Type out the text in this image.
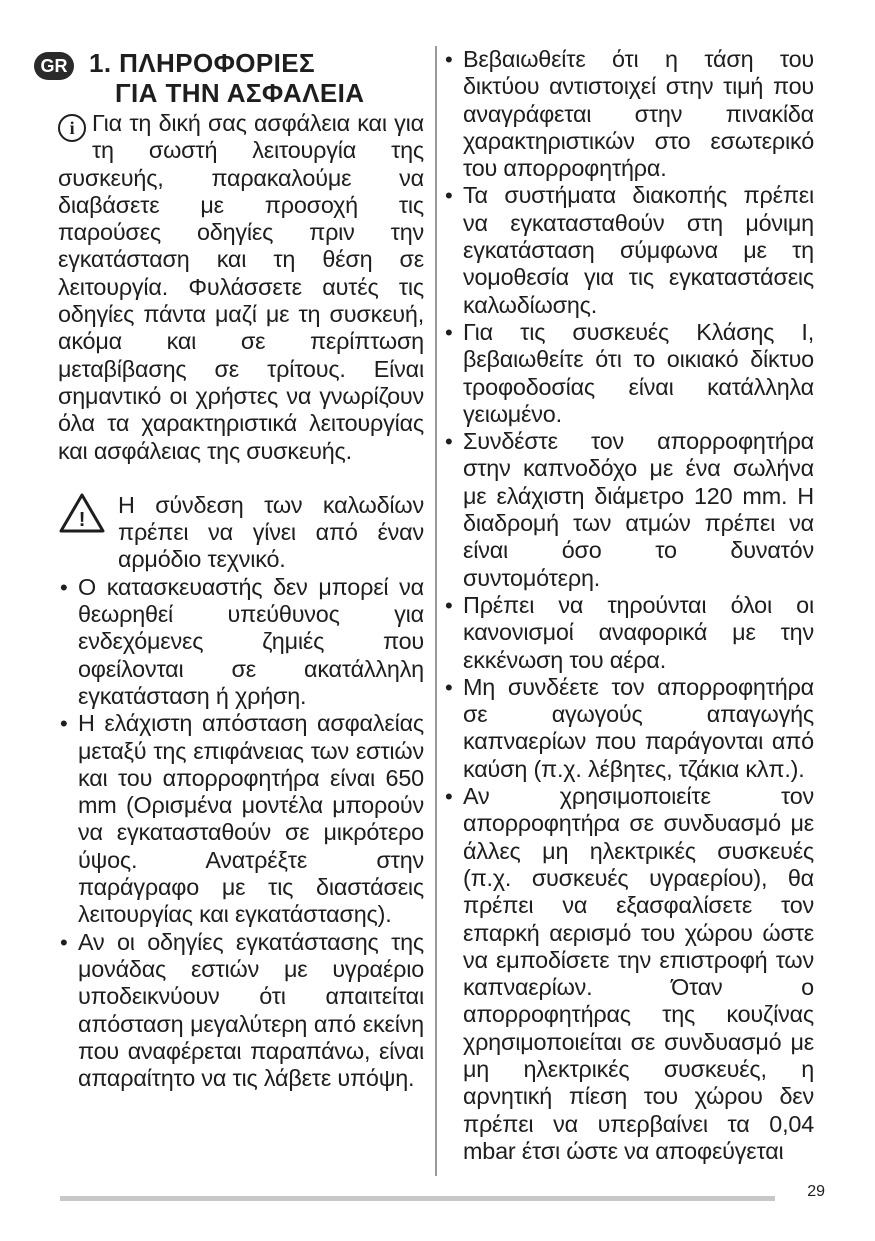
GR 1. ΠΛΗΡΟΦΟΡΙΕΣ
ΓΙΑ ΤΗΝ ΑΣΦΑΛΕΙΑ
i Για τη δική σας ασφάλεια και για τη σωστή λειτουργία της συσκευής, παρακαλούμε να διαβάσετε με προσοχή τις παρούσες οδηγίες πριν την εγκατάσταση και τη θέση σε λειτουργία. Φυλάσσετε αυτές τις οδηγίες πάντα μαζί με τη συσκευή, ακόμα και σε περίπτωση μεταβίβασης σε τρίτους. Είναι σημαντικό οι χρήστες να γνωρίζουν όλα τα χαρακτηριστικά λειτουργίας και ασφάλειας της συσκευής.
!
Η σύνδεση των καλωδίων πρέπει να γίνει από έναν αρμόδιο τεχνικό.
• Ο κατασκευαστής δεν μπορεί να θεωρηθεί υπεύθυνος για ενδεχόμενες ζημιές που οφείλονται σε ακατάλληλη εγκατάσταση ή χρήση.
• Η ελάχιστη απόσταση ασφαλείας μεταξύ της επιφάνειας των εστιών και του απορροφητήρα είναι 650 mm (Ορισμένα μοντέλα μπορούν να εγκατασταθούν σε μικρότερο ύψος. Ανατρέξτε στην παράγραφο με τις διαστάσεις λειτουργίας και εγκατάστασης).
• Αν οι οδηγίες εγκατάστασης της μονάδας εστιών με υγραέριο υποδεικνύουν ότι απαιτείται απόσταση μεγαλύτερη από εκείνη που αναφέρεται παραπάνω, είναι απαραίτητο να τις λάβετε υπόψη.
• Βεβαιωθείτε ότι η τάση του δικτύου αντιστοιχεί στην τιμή που αναγράφεται στην πινακίδα χαρακτηριστικών στο εσωτερικό του απορροφητήρα.
• Τα συστήματα διακοπής πρέπει να εγκατασταθούν στη μόνιμη εγκατάσταση σύμφωνα με τη νομοθεσία για τις εγκαταστάσεις καλωδίωσης.
• Για τις συσκευές Κλάσης Ι, βεβαιωθείτε ότι το οικιακό δίκτυο τροφοδοσίας είναι κατάλληλα γειωμένο.
• Συνδέστε τον απορροφητήρα στην καπνοδόχο με ένα σωλήνα με ελάχιστη διάμετρο 120 mm. Η διαδρομή των ατμών πρέπει να είναι όσο το δυνατόν συντομότερη.
• Πρέπει να τηρούνται όλοι οι κανονισμοί αναφορικά με την εκκένωση του αέρα.
• Μη συνδέετε τον απορροφητήρα σε αγωγούς απαγωγής καπναερίων που παράγονται από καύση (π.χ. λέβητες, τζάκια κλπ.).
• Αν χρησιμοποιείτε τον απορροφητήρα σε συνδυασμό με άλλες μη ηλεκτρικές συσκευές (π.χ. συσκευές υγραερίου), θα πρέπει να εξασφαλίσετε τον επαρκή αερισμό του χώρου ώστε να εμποδίσετε την επιστροφή των καπναερίων. Όταν ο απορροφητήρας της κουζίνας χρησιμοποιείται σε συνδυασμό με μη ηλεκτρικές συσκευές, η αρνητική πίεση του χώρου δεν πρέπει να υπερβαίνει τα 0,04 mbar έτσι ώστε να αποφεύγεται
29
